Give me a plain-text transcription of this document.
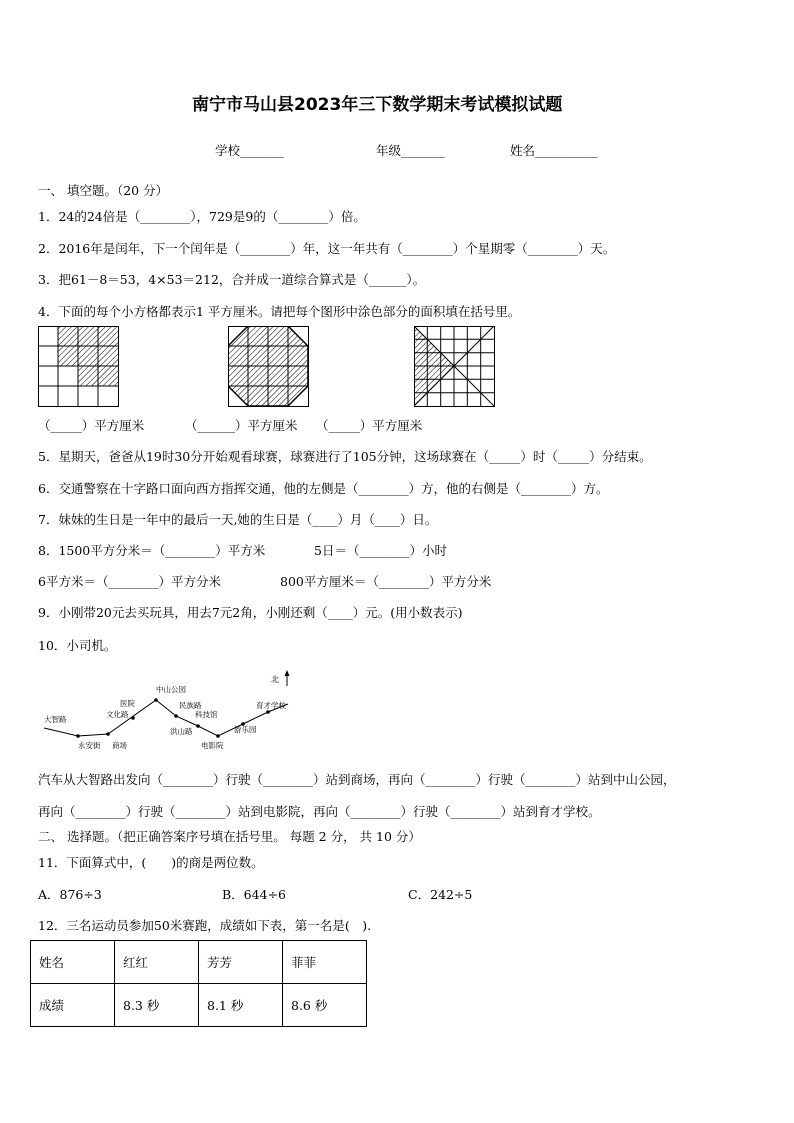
南宁市马山县2023年三下数学期末考试模拟试题
学校_______	年级_______	姓名__________
一、 填空题。（20 分）
1．24的24倍是（________），729是9的（________）倍。
2．2016年是闰年，下一个闰年是（________）年，这一年共有（________）个星期零（________）天。
3．把61－8＝53，4×53＝212，合并成一道综合算式是（______）。
4．下面的每个小方格都表示1 平方厘米。请把每个图形中涂色部分的面积填在括号里。
（_____）平方厘米	（______）平方厘米 （_____）平方厘米
5．星期天，爸爸从19时30分开始观看球赛，球赛进行了105分钟，这场球赛在（_____）时（_____）分结束。
6．交通警察在十字路口面向西方指挥交通，他的左侧是（________）方，他的右侧是（________）方。
7．妹妹的生日是一年中的最后一天,她的生日是（____）月（____）日。
8．1500平方分米＝（________）平方米	5日＝（________）小时
6平方米＝（________）平方分米	800平方厘米＝（________）平方分米
9．小刚带20元去买玩具，用去7元2角，小刚还剩（____）元。(用小数表示)
10．小司机。
北
大智路
永安街
文化路
商场
医院
中山公园
民族路
科技馆
洪山路
电影院
游乐园
育才学校
汽车从大智路出发向（________）行驶（________）站到商场，再向（________）行驶（________）站到中山公园，
再向（________）行驶（________）站到电影院，再向（________）行驶（________）站到育才学校。
二、 选择题。（把正确答案序号填在括号里。 每题 2 分， 共 10 分）
11．下面算式中，(　　)的商是两位数。
A．876÷3	B．644÷6	C．242÷5
12．三名运动员参加50米赛跑，成绩如下表，第一名是(　).
姓名	红红	芳芳	菲菲
成绩	8.3 秒	8.1 秒	8.6 秒
